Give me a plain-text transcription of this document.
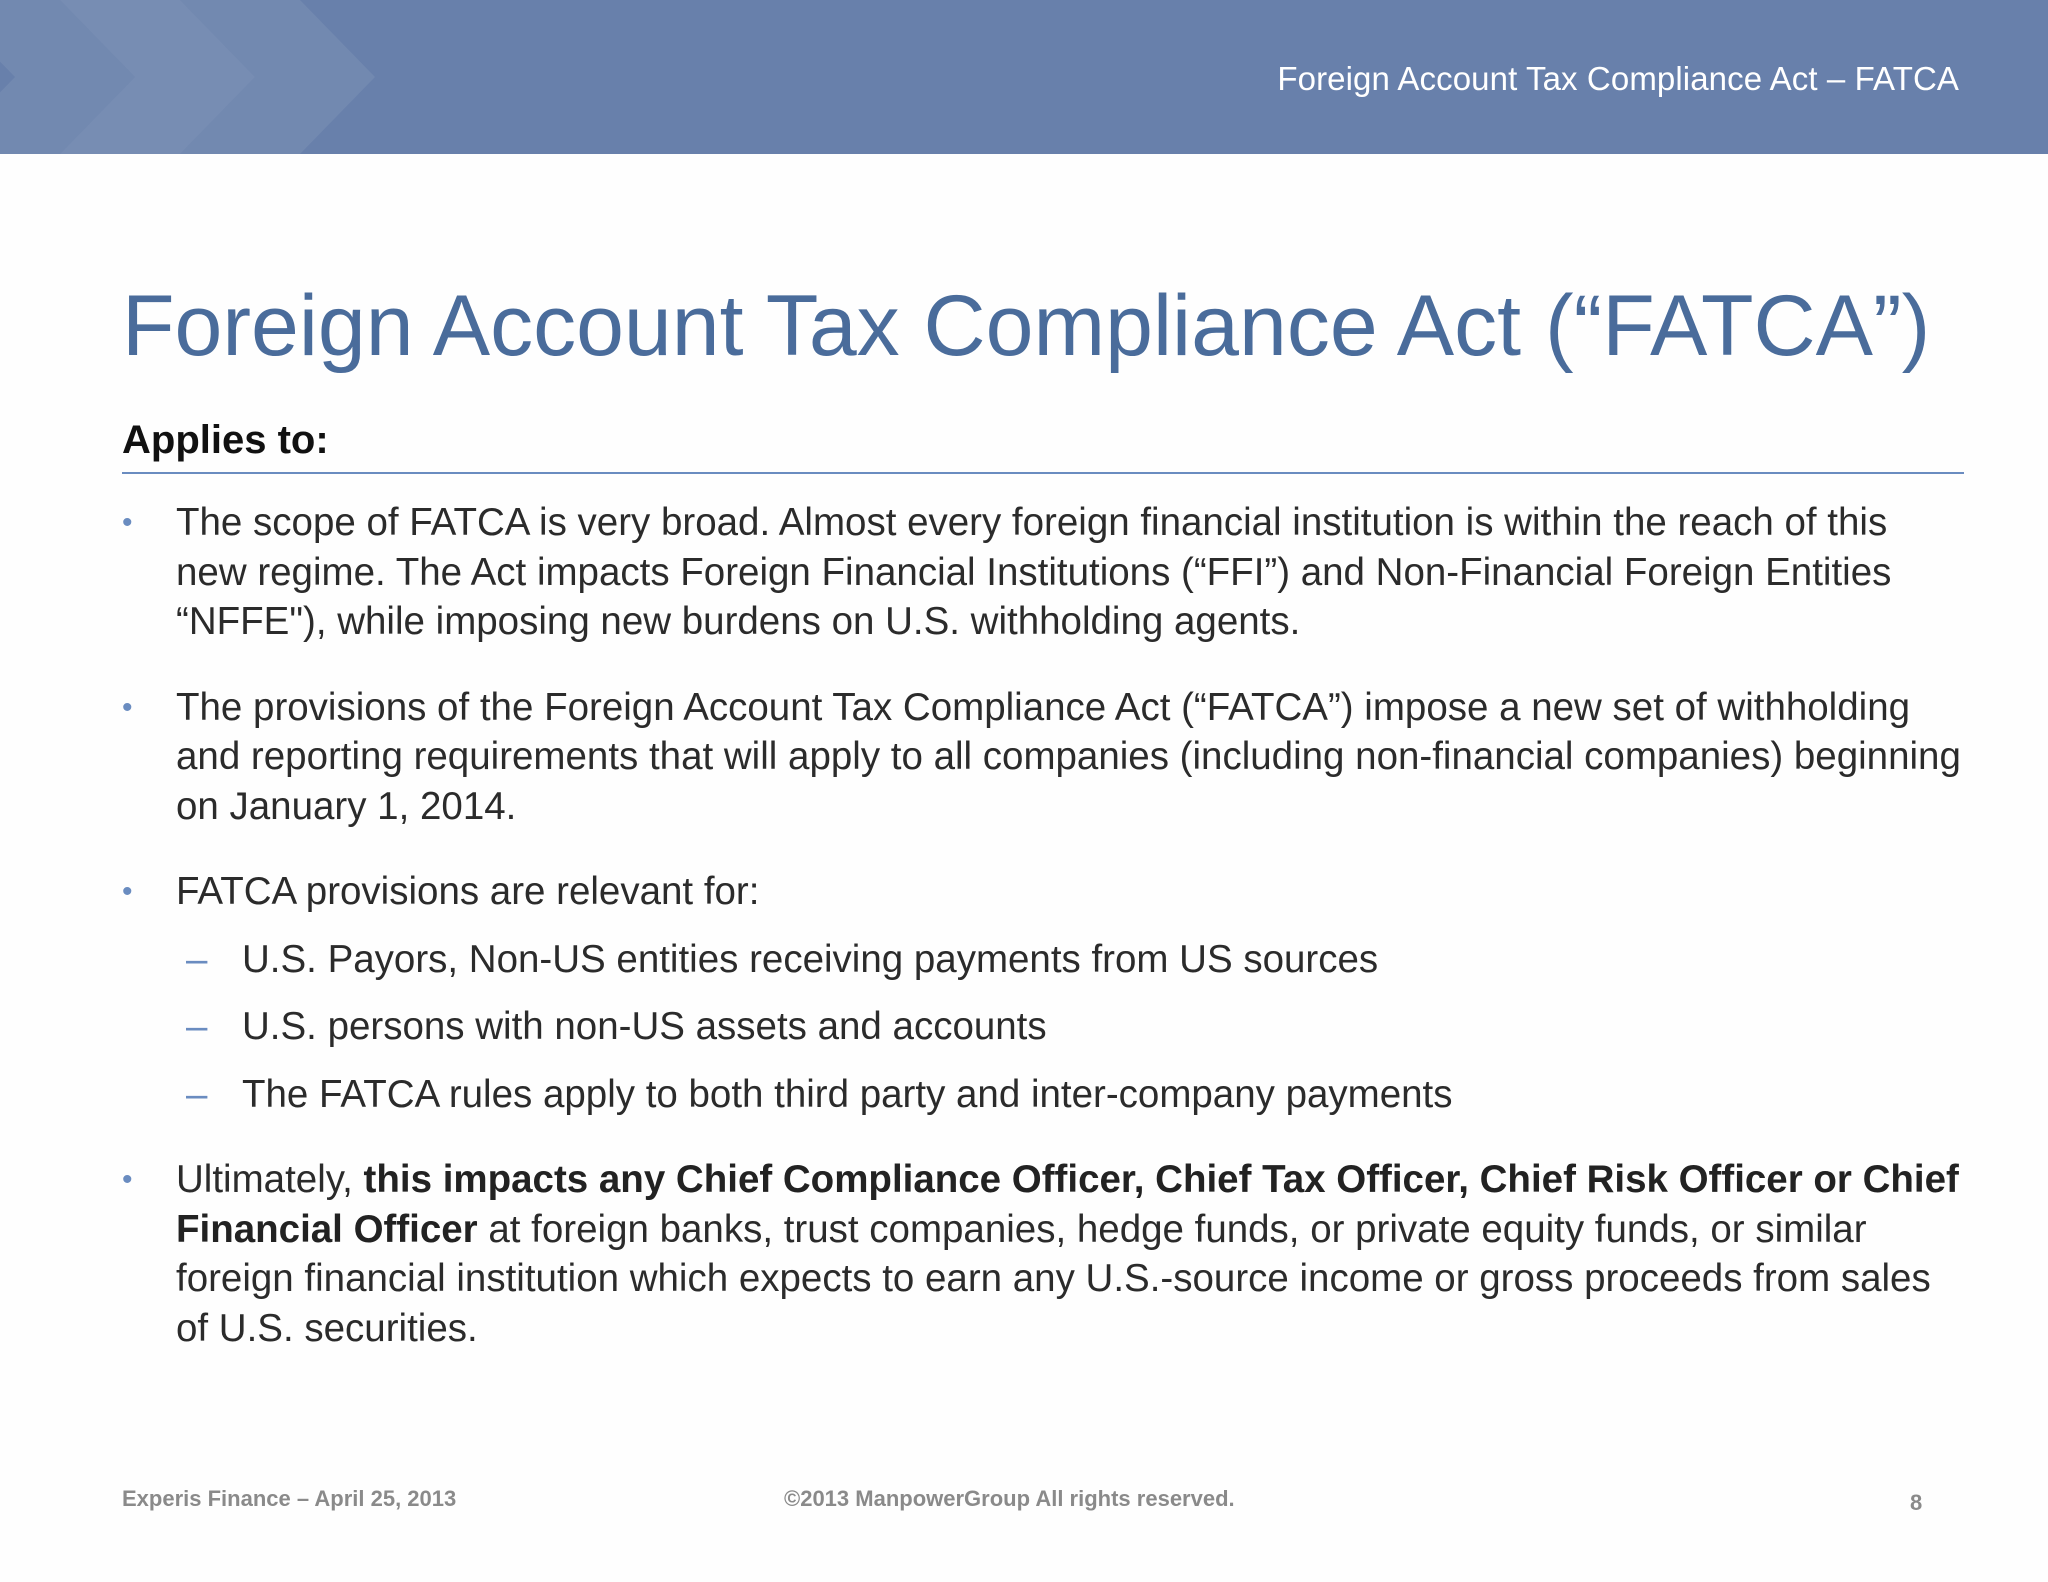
Foreign Account Tax Compliance Act – FATCA
Foreign Account Tax Compliance Act (“FATCA”)
Applies to:
• The scope of FATCA is very broad. Almost every foreign financial institution is within the reach of this new regime. The Act impacts Foreign Financial Institutions (“FFI”) and Non-Financial Foreign Entities “NFFE"), while imposing new burdens on U.S. withholding agents.
• The provisions of the Foreign Account Tax Compliance Act (“FATCA”) impose a new set of withholding and reporting requirements that will apply to all companies (including non-financial companies) beginning on January 1, 2014.
• FATCA provisions are relevant for:
– U.S. Payors, Non-US entities receiving payments from US sources
– U.S. persons with non-US assets and accounts
– The FATCA rules apply to both third party and inter-company payments
• Ultimately, this impacts any Chief Compliance Officer, Chief Tax Officer, Chief Risk Officer or Chief Financial Officer at foreign banks, trust companies, hedge funds, or private equity funds, or similar foreign financial institution which expects to earn any U.S.-source income or gross proceeds from sales of U.S. securities.
Experis Finance – April 25, 2013	©2013 ManpowerGroup All rights reserved.	8
